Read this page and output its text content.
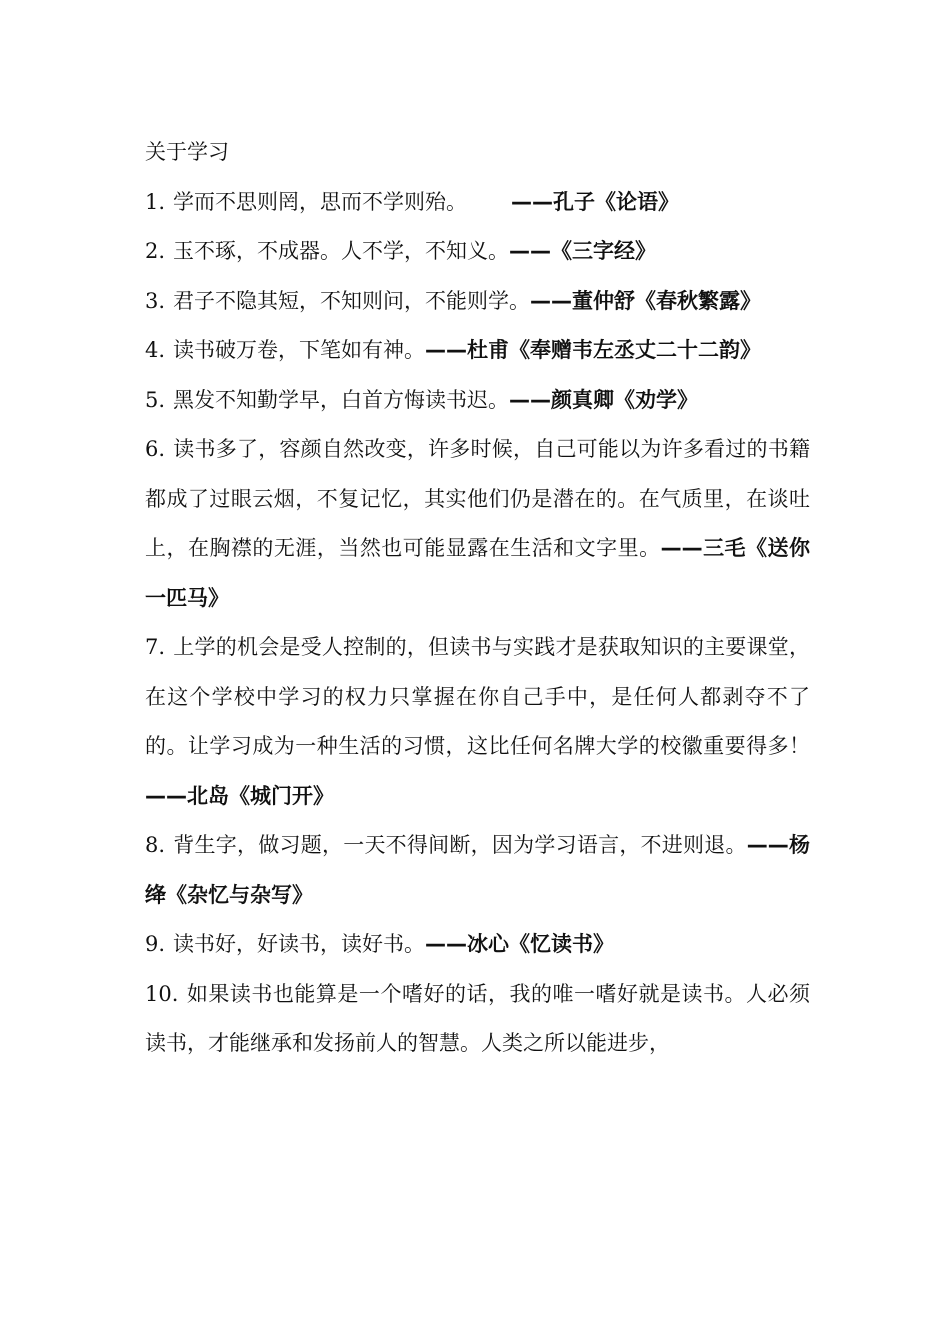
关于学习

1. 学而不思则罔，思而不学则殆。 ——孔子《论语》

2. 玉不琢，不成器。人不学，不知义。——《三字经》

3. 君子不隐其短，不知则问，不能则学。——董仲舒《春秋繁露》

4. 读书破万卷，下笔如有神。——杜甫《奉赠韦左丞丈二十二韵》

5. 黑发不知勤学早，白首方悔读书迟。——颜真卿《劝学》

6. 读书多了，容颜自然改变，许多时候，自己可能以为许多看过的书籍都成了过眼云烟，不复记忆，其实他们仍是潜在的。在气质里，在谈吐上，在胸襟的无涯，当然也可能显露在生活和文字里。——三毛《送你一匹马》

7. 上学的机会是受人控制的，但读书与实践才是获取知识的主要课堂，在这个学校中学习的权力只掌握在你自己手中，是任何人都剥夺不了的。让学习成为一种生活的习惯，这比任何名牌大学的校徽重要得多！——北岛《城门开》

8. 背生字，做习题，一天不得间断，因为学习语言，不进则退。——杨绛《杂忆与杂写》

9. 读书好，好读书，读好书。——冰心《忆读书》

10. 如果读书也能算是一个嗜好的话，我的唯一嗜好就是读书。人必须读书，才能继承和发扬前人的智慧。人类之所以能进步，
